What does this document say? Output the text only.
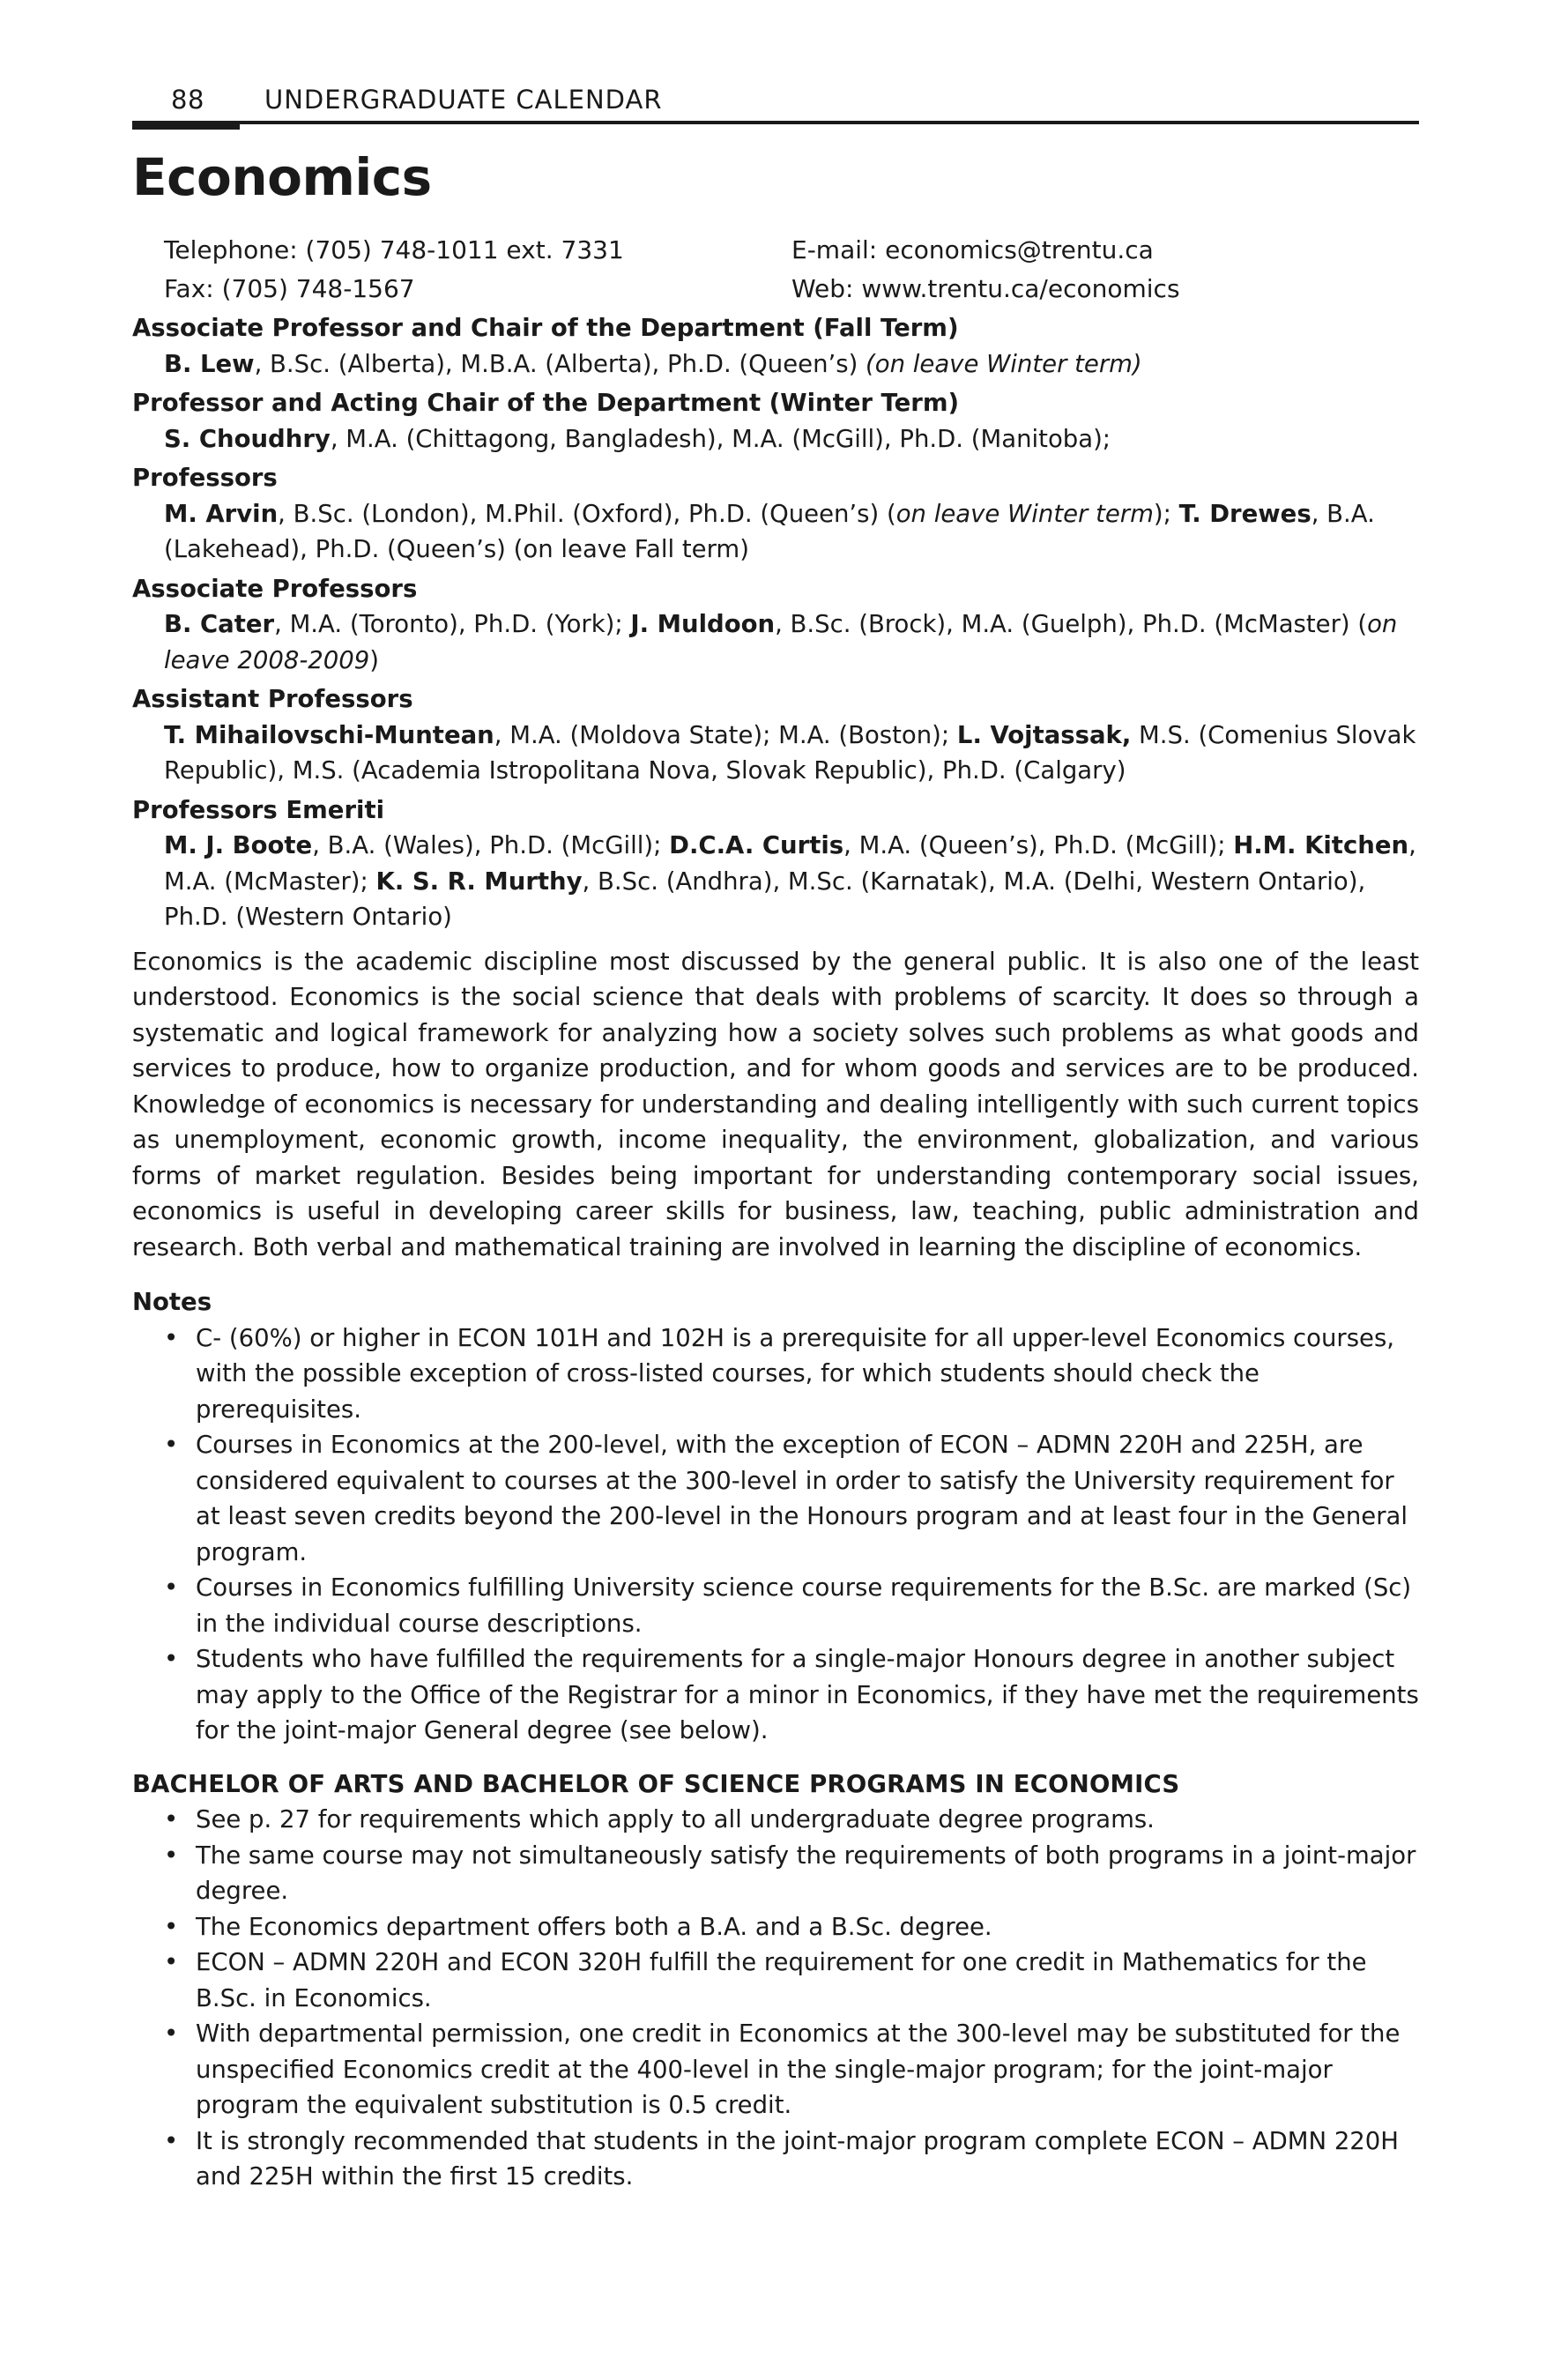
88 UNDERGRADUATE CALENDAR
Economics
Telephone: (705) 748-1011 ext. 7331	E-mail: economics@trentu.ca
Fax: (705) 748-1567	Web: www.trentu.ca/economics

Associate Professor and Chair of the Department (Fall Term)

B. Lew, B.Sc. (Alberta), M.B.A. (Alberta), Ph.D. (Queen’s) (on leave Winter term)

Professor and Acting Chair of the Department (Winter Term)

S. Choudhry, M.A. (Chittagong, Bangladesh), M.A. (McGill), Ph.D. (Manitoba);

Professors

M. Arvin, B.Sc. (London), M.Phil. (Oxford), Ph.D. (Queen’s) (on leave Winter term); T. Drewes, B.A. (Lakehead), Ph.D. (Queen’s) (on leave Fall term)

Associate Professors

B. Cater, M.A. (Toronto), Ph.D. (York); J. Muldoon, B.Sc. (Brock), M.A. (Guelph), Ph.D. (McMaster) (on leave 2008-2009)

Assistant Professors

T. Mihailovschi-Muntean, M.A. (Moldova State); M.A. (Boston); L. Vojtassak, M.S. (Comenius Slovak Republic), M.S. (Academia Istropolitana Nova, Slovak Republic), Ph.D. (Calgary)

Professors Emeriti

M. J. Boote, B.A. (Wales), Ph.D. (McGill); D.C.A. Curtis, M.A. (Queen’s), Ph.D. (McGill); H.M. Kitchen, M.A. (McMaster); K. S. R. Murthy, B.Sc. (Andhra), M.Sc. (Karnatak), M.A. (Delhi, Western Ontario), Ph.D. (Western Ontario)

Economics is the academic discipline most discussed by the general public. It is also one of the least understood. Economics is the social science that deals with problems of scarcity. It does so through a systematic and logical framework for analyzing how a society solves such problems as what goods and services to produce, how to organize production, and for whom goods and services are to be produced. Knowledge of economics is necessary for understanding and dealing intelligently with such current topics as unemployment, economic growth, income inequality, the environment, globalization, and various forms of market regulation. Besides being important for understanding contemporary social issues, economics is useful in developing career skills for business, law, teaching, public administration and research. Both verbal and mathematical training are involved in learning the discipline of economics.

Notes

• C- (60%) or higher in ECON 101H and 102H is a prerequisite for all upper-level Economics courses, with the possible exception of cross-listed courses, for which students should check the prerequisites.
• Courses in Economics at the 200-level, with the exception of ECON – ADMN 220H and 225H, are considered equivalent to courses at the 300-level in order to satisfy the University requirement for at least seven credits beyond the 200-level in the Honours program and at least four in the General program.
• Courses in Economics fulfilling University science course requirements for the B.Sc. are marked (Sc) in the individual course descriptions.
• Students who have fulfilled the requirements for a single-major Honours degree in another subject may apply to the Office of the Registrar for a minor in Economics, if they have met the requirements for the joint-major General degree (see below).

BACHELOR OF ARTS AND BACHELOR OF SCIENCE PROGRAMS IN ECONOMICS

• See p. 27 for requirements which apply to all undergraduate degree programs.
• The same course may not simultaneously satisfy the requirements of both programs in a joint-major degree.
• The Economics department offers both a B.A. and a B.Sc. degree.
• ECON – ADMN 220H and ECON 320H fulfill the requirement for one credit in Mathematics for the B.Sc. in Economics.
• With departmental permission, one credit in Economics at the 300-level may be substituted for the unspecified Economics credit at the 400-level in the single-major program; for the joint-major program the equivalent substitution is 0.5 credit.
• It is strongly recommended that students in the joint-major program complete ECON – ADMN 220H and 225H within the first 15 credits.
